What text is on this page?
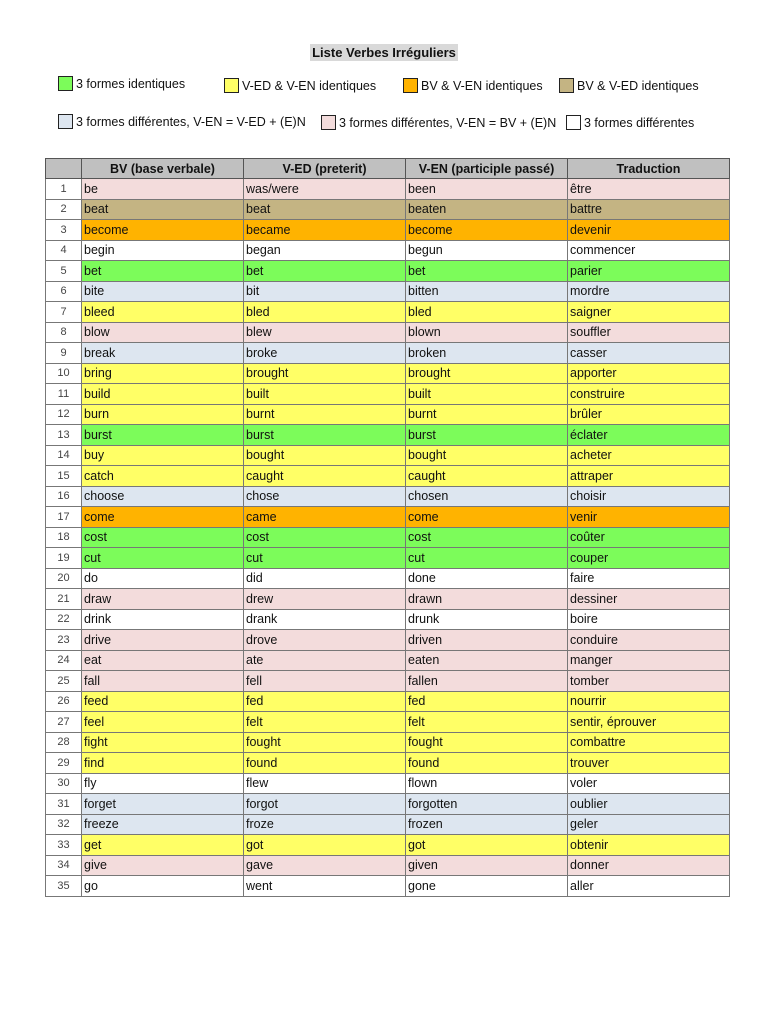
Liste Verbes Irréguliers
3 formes identiques	V-ED & V-EN identiques	BV & V-EN identiques	BV & V-ED identiques
3 formes différentes, V-EN = V-ED + (E)N	3 formes différentes, V-EN = BV + (E)N 3 formes différentes
	BV (base verbale)	V-ED (preterit)	V-EN (participle passé)	Traduction
1	be	was/were	been	être
2	beat	beat	beaten	battre
3	become	became	become	devenir
4	begin	began	begun	commencer
5	bet	bet	bet	parier
6	bite	bit	bitten	mordre
7	bleed	bled	bled	saigner
8	blow	blew	blown	souffler
9	break	broke	broken	casser
10	bring	brought	brought	apporter
11	build	built	built	construire
12	burn	burnt	burnt	brûler
13	burst	burst	burst	éclater
14	buy	bought	bought	acheter
15	catch	caught	caught	attraper
16	choose	chose	chosen	choisir
17	come	came	come	venir
18	cost	cost	cost	coûter
19	cut	cut	cut	couper
20	do	did	done	faire
21	draw	drew	drawn	dessiner
22	drink	drank	drunk	boire
23	drive	drove	driven	conduire
24	eat	ate	eaten	manger
25	fall	fell	fallen	tomber
26	feed	fed	fed	nourrir
27	feel	felt	felt	sentir, éprouver
28	fight	fought	fought	combattre
29	find	found	found	trouver
30	fly	flew	flown	voler
31	forget	forgot	forgotten	oublier
32	freeze	froze	frozen	geler
33	get	got	got	obtenir
34	give	gave	given	donner
35	go	went	gone	aller
